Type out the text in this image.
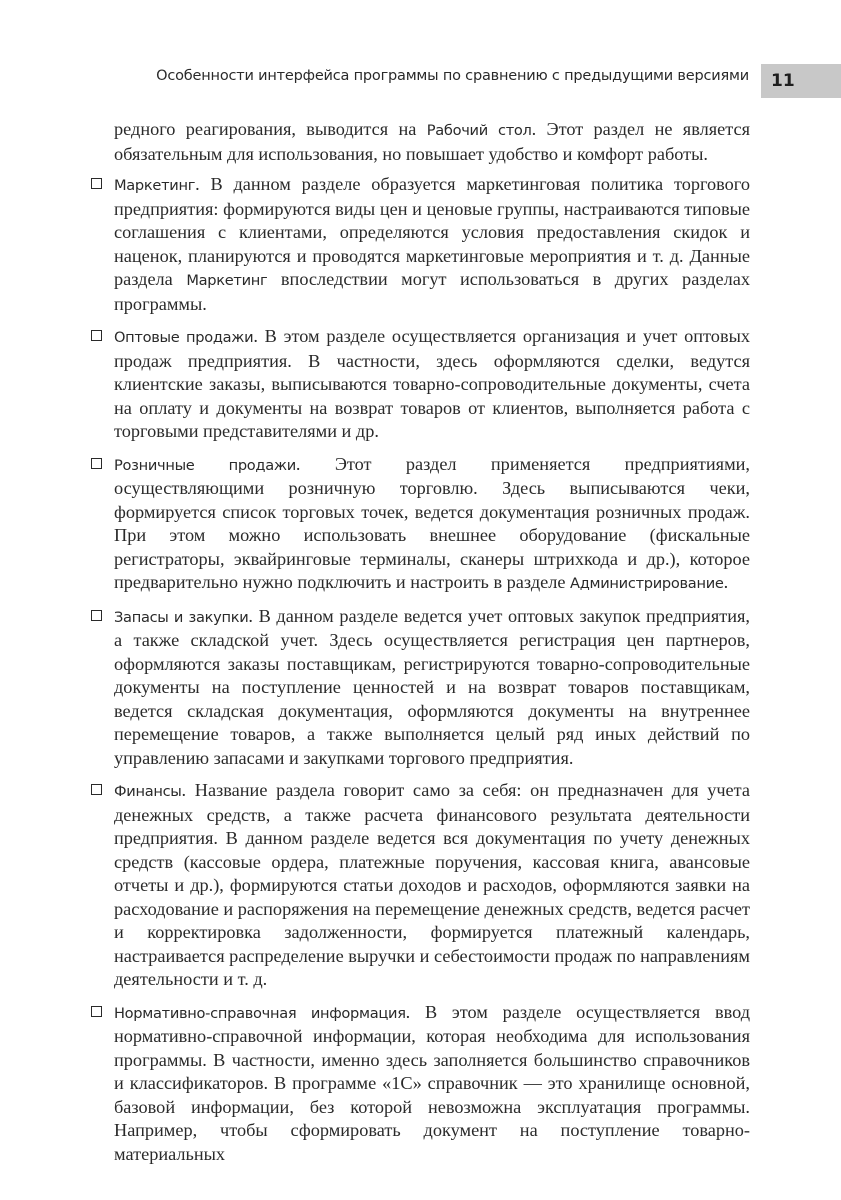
Особенности интерфейса программы по сравнению с предыдущими версиями 11

редного реагирования, выводится на Рабочий стол. Этот раздел не является обязательным для использования, но повышает удобство и комфорт работы.

Маркетинг. В данном разделе образуется маркетинговая политика торгового предприятия: формируются виды цен и ценовые группы, настраиваются типовые соглашения с клиентами, определяются условия предоставления скидок и наценок, планируются и проводятся маркетинговые мероприятия и т. д. Данные раздела Маркетинг впоследствии могут использоваться в других разделах программы.
Оптовые продажи. В этом разделе осуществляется организация и учет оптовых продаж предприятия. В частности, здесь оформляются сделки, ведутся клиентские заказы, выписываются товарно-сопроводительные документы, счета на оплату и документы на возврат товаров от клиентов, выполняется работа с торговыми представителями и др.
Розничные продажи. Этот раздел применяется предприятиями, осуществляющими розничную торговлю. Здесь выписываются чеки, формируется список торговых точек, ведется документация розничных продаж. При этом можно использовать внешнее оборудование (фискальные регистраторы, эквайринговые терминалы, сканеры штрихкода и др.), которое предварительно нужно подключить и настроить в разделе Администрирование.
Запасы и закупки. В данном разделе ведется учет оптовых закупок предприятия, а также складской учет. Здесь осуществляется регистрация цен партнеров, оформляются заказы поставщикам, регистрируются товарно-сопроводительные документы на поступление ценностей и на возврат товаров поставщикам, ведется складская документация, оформляются документы на внутреннее перемещение товаров, а также выполняется целый ряд иных действий по управлению запасами и закупками торгового предприятия.
Финансы. Название раздела говорит само за себя: он предназначен для учета денежных средств, а также расчета финансового результата деятельности предприятия. В данном разделе ведется вся документация по учету денежных средств (кассовые ордера, платежные поручения, кассовая книга, авансовые отчеты и др.), формируются статьи доходов и расходов, оформляются заявки на расходование и распоряжения на перемещение денежных средств, ведется расчет и корректировка задолженности, формируется платежный календарь, настраивается распределение выручки и себестоимости продаж по направлениям деятельности и т. д.
Нормативно-справочная информация. В этом разделе осуществляется ввод нормативно-справочной информации, которая необходима для использования программы. В частности, именно здесь заполняется большинство справочников и классификаторов. В программе «1С» справочник — это хранилище основной, базовой информации, без которой невозможна эксплуатация программы. Например, чтобы сформировать документ на поступление товарно-материальных
